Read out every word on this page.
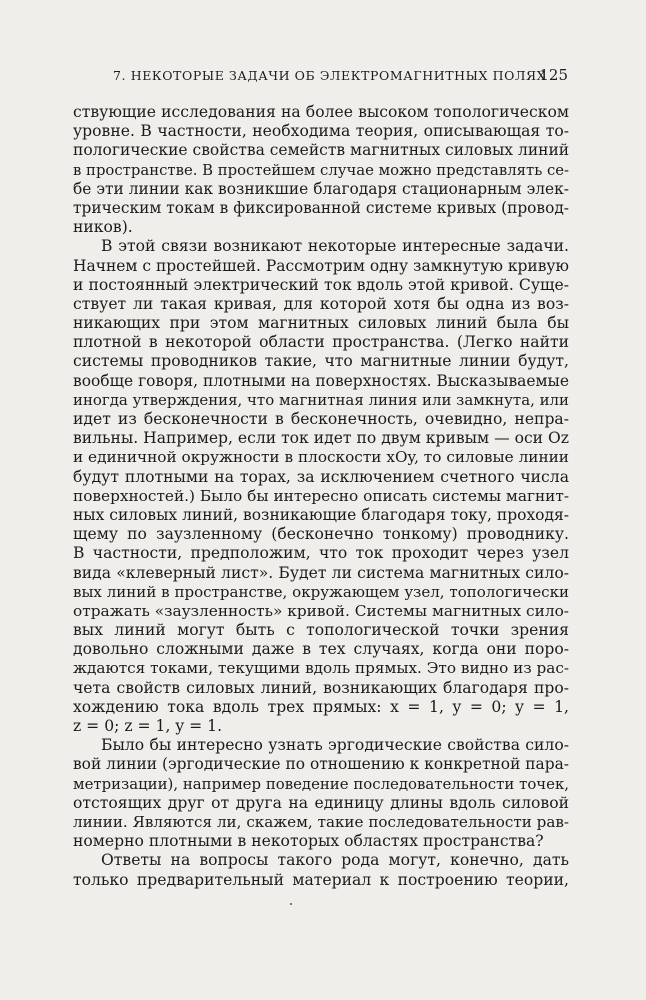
7. НЕКОТОРЫЕ ЗАДАЧИ ОБ ЭЛЕКТРОМАГНИТНЫХ ПОЛЯХ
125
ствующие исследования на более высоком топологическом
уровне. В частности, необходима теория, описывающая то-
пологические свойства семейств магнитных силовых линий
в пространстве. В простейшем случае можно представлять се-
бе эти линии как возникшие благодаря стационарным элек-
трическим токам в фиксированной системе кривых (провод-
ников).
В этой связи возникают некоторые интересные задачи.
Начнем с простейшей. Рассмотрим одну замкнутую кривую
и постоянный электрический ток вдоль этой кривой. Суще-
ствует ли такая кривая, для которой хотя бы одна из воз-
никающих при этом магнитных силовых линий была бы
плотной в некоторой области пространства. (Легко найти
системы проводников такие, что магнитные линии будут,
вообще говоря, плотными на поверхностях. Высказываемые
иногда утверждения, что магнитная линия или замкнута, или
идет из бесконечности в бесконечность, очевидно, непра-
вильны. Например, если ток идет по двум кривым — оси Oz
и единичной окружности в плоскости xOy, то силовые линии
будут плотными на торах, за исключением счетного числа
поверхностей.) Было бы интересно описать системы магнит-
ных силовых линий, возникающие благодаря току, проходя-
щему по заузленному (бесконечно тонкому) проводнику.
В частности, предположим, что ток проходит через узел
вида «клеверный лист». Будет ли система магнитных сило-
вых линий в пространстве, окружающем узел, топологически
отражать «заузленность» кривой. Системы магнитных сило-
вых линий могут быть с топологической точки зрения
довольно сложными даже в тех случаях, когда они поро-
ждаются токами, текущими вдоль прямых. Это видно из рас-
чета свойств силовых линий, возникающих благодаря про-
хождению тока вдоль трех прямых: x = 1, y = 0; y = 1,
z = 0; z = 1, y = 1.
Было бы интересно узнать эргодические свойства сило-
вой линии (эргодические по отношению к конкретной пара-
метризации), например поведение последовательности точек,
отстоящих друг от друга на единицу длины вдоль силовой
линии. Являются ли, скажем, такие последовательности рав-
номерно плотными в некоторых областях пространства?
Ответы на вопросы такого рода могут, конечно, дать
только предварительный материал к построению теории,
